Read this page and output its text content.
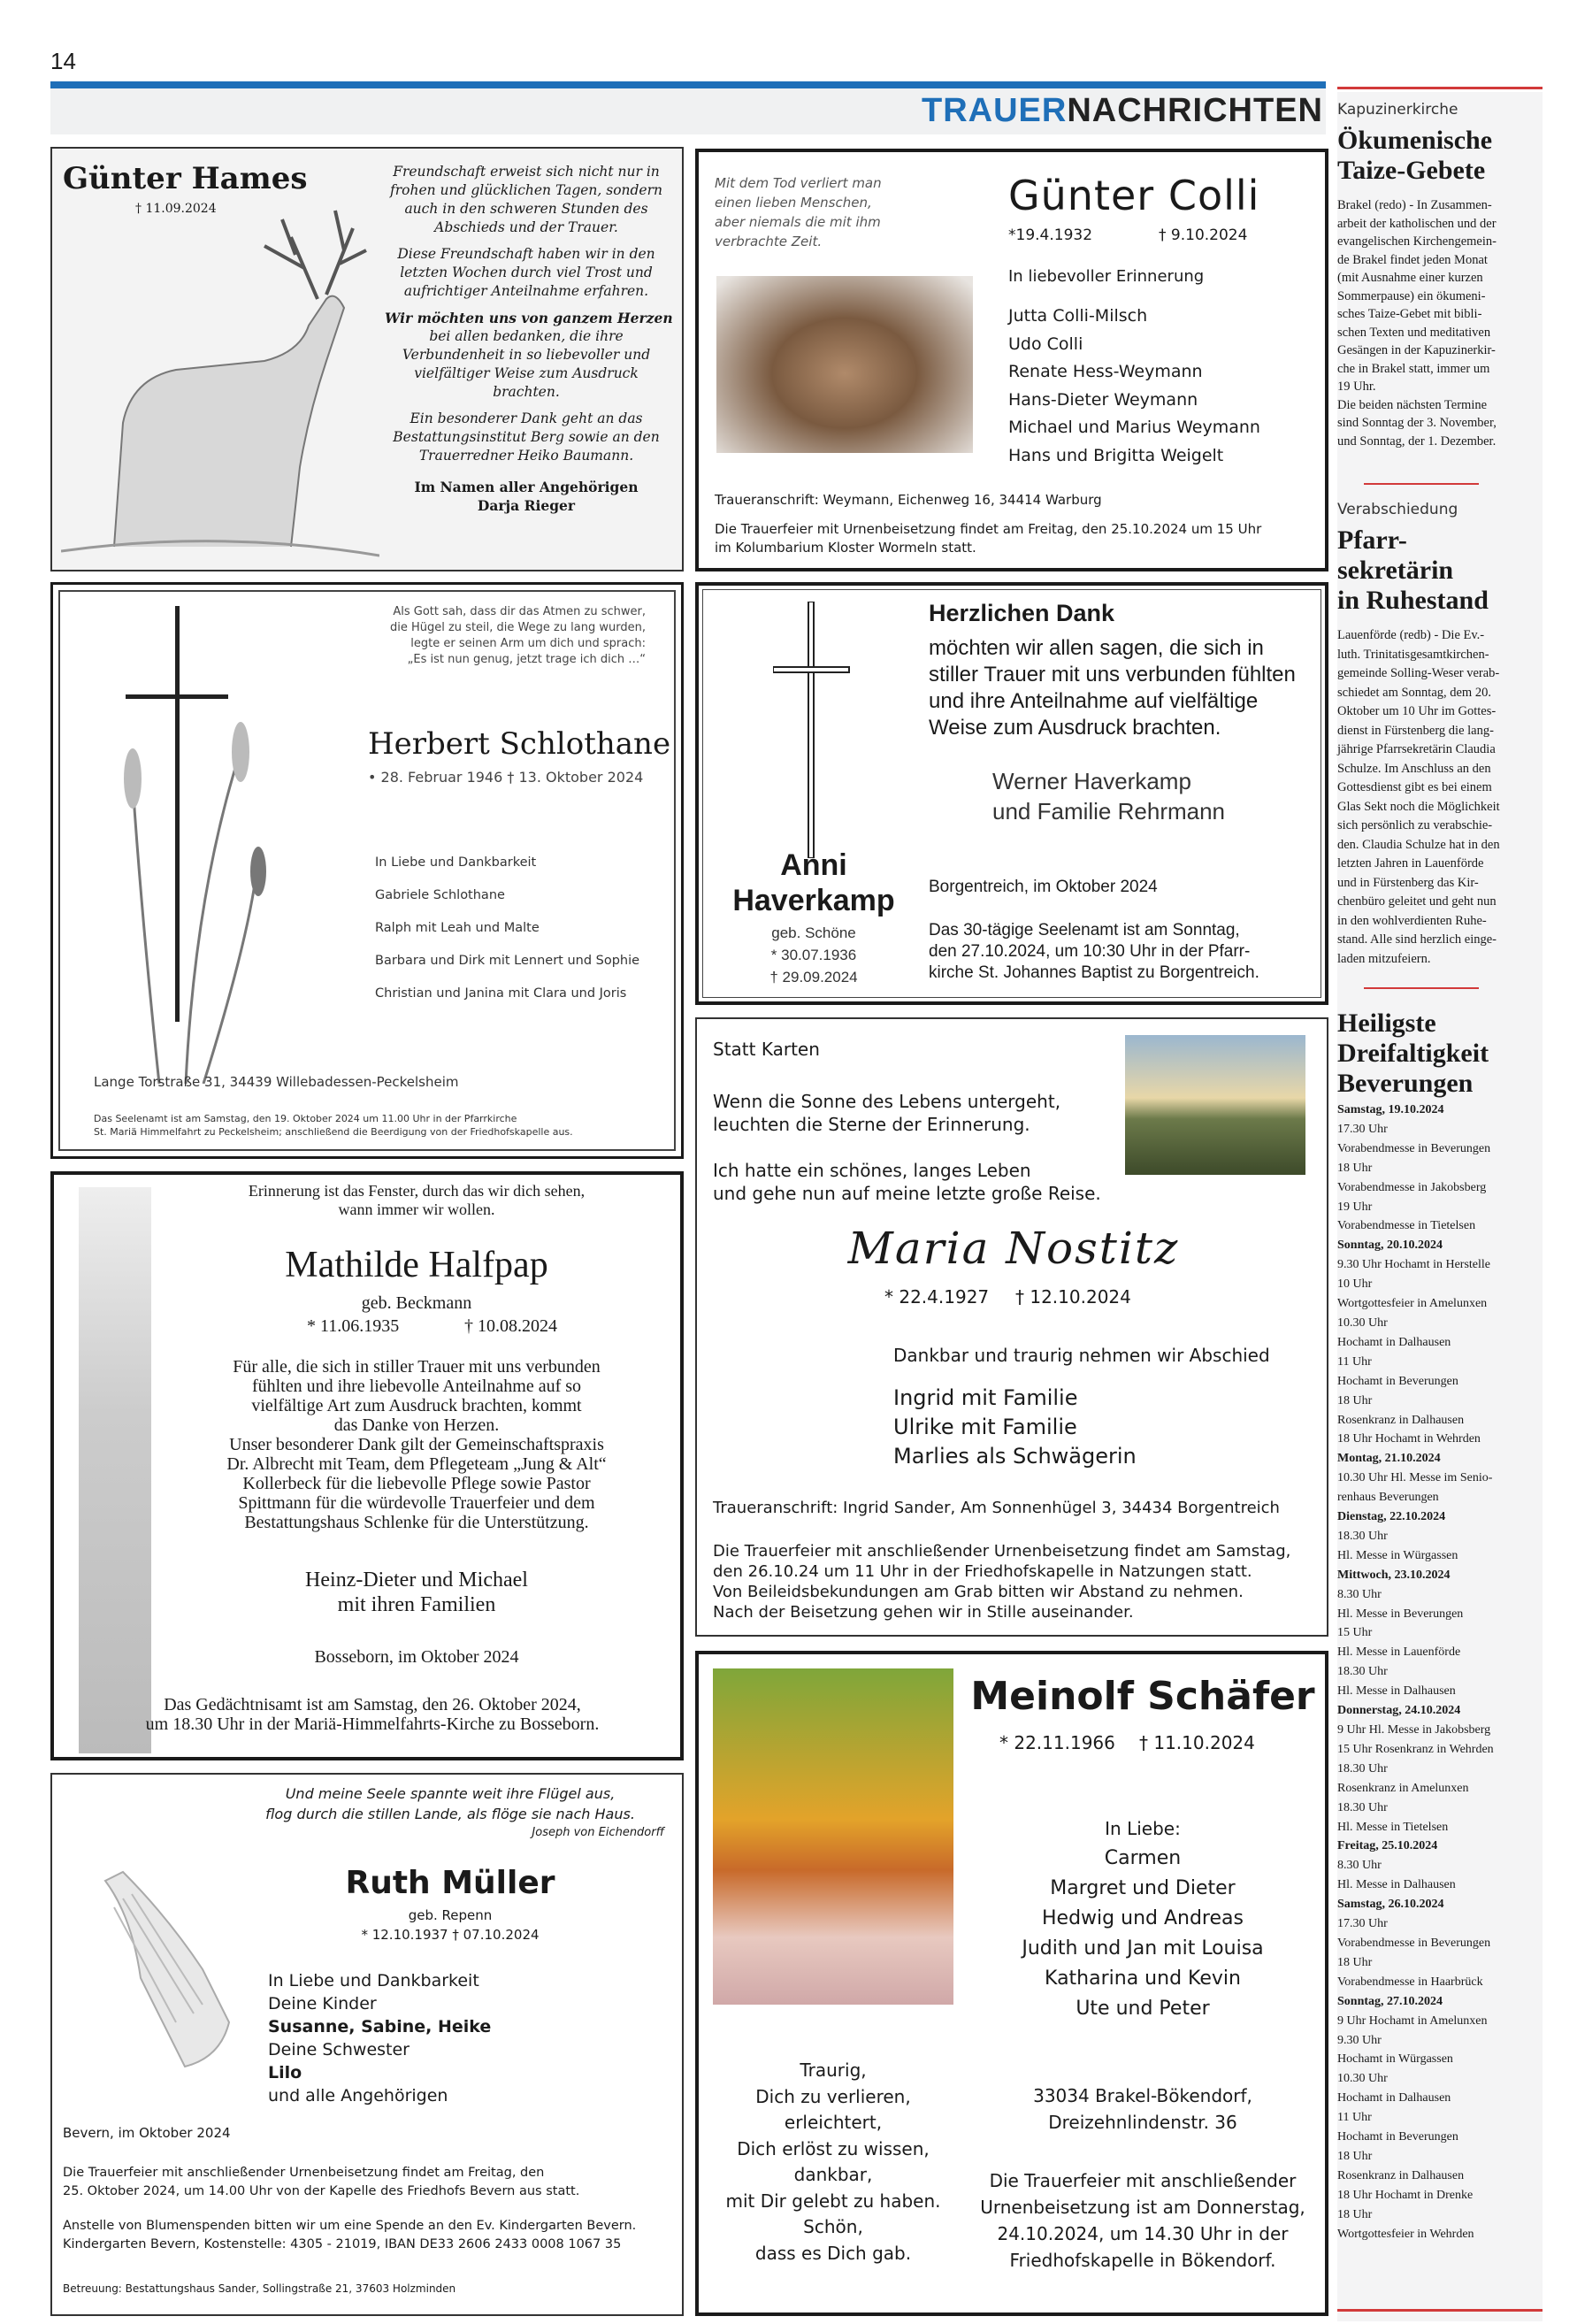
14
TRAUERNACHRICHTEN
Günter Hames
† 11.09.2024
Freundschaft erweist sich nicht nur in
frohen und glücklichen Tagen, sondern
auch in den schweren Stunden des
Abschieds und der Trauer.
Diese Freundschaft haben wir in den
letzten Wochen durch viel Trost und
aufrichtiger Anteilnahme erfahren.
Wir möchten uns von ganzem Herzen
bei allen bedanken, die ihre
Verbundenheit in so liebevoller und
vielfältiger Weise zum Ausdruck
brachten.
Ein besonderer Dank geht an das
Bestattungsinstitut Berg sowie an den
Trauerredner Heiko Baumann.
Im Namen aller Angehörigen
Darja Rieger
Mit dem Tod verliert man
einen lieben Menschen,
aber niemals die mit ihm
verbrachte Zeit.
Günter Colli
*19.4.1932	† 9.10.2024
In liebevoller Erinnerung
Jutta Colli-Milsch
Udo Colli
Renate Hess-Weymann
Hans-Dieter Weymann
Michael und Marius Weymann
Hans und Brigitta Weigelt
Traueranschrift: Weymann, Eichenweg 16, 34414 Warburg
Die Trauerfeier mit Urnenbeisetzung findet am Freitag, den 25.10.2024 um 15 Uhr
im Kolumbarium Kloster Wormeln statt.
Als Gott sah, dass dir das Atmen zu schwer,
die Hügel zu steil, die Wege zu lang wurden,
legte er seinen Arm um dich und sprach:
„Es ist nun genug, jetzt trage ich dich …“
Herbert Schlothane
• 28. Februar 1946 † 13. Oktober 2024
In Liebe und Dankbarkeit
Gabriele Schlothane
Ralph mit Leah und Malte
Barbara und Dirk mit Lennert und Sophie
Christian und Janina mit Clara und Joris
Lange Torstraße 31, 34439 Willebadessen-Peckelsheim
Das Seelenamt ist am Samstag, den 19. Oktober 2024 um 11.00 Uhr in der Pfarrkirche
St. Mariä Himmelfahrt zu Peckelsheim; anschließend die Beerdigung von der Friedhofskapelle aus.
Herzlichen Dank
möchten wir allen sagen, die sich in
stiller Trauer mit uns verbunden fühlten
und ihre Anteilnahme auf vielfältige
Weise zum Ausdruck brachten.
Werner Haverkamp
und Familie Rehrmann
Anni
Haverkamp
geb. Schöne
* 30.07.1936
† 29.09.2024
Borgentreich, im Oktober 2024
Das 30-tägige Seelenamt ist am Sonntag,
den 27.10.2024, um 10:30 Uhr in der Pfarr-
kirche St. Johannes Baptist zu Borgentreich.
Erinnerung ist das Fenster, durch das wir dich sehen,
wann immer wir wollen.
Mathilde Halfpap
geb. Beckmann
* 11.06.1935	† 10.08.2024
Für alle, die sich in stiller Trauer mit uns verbunden
fühlten und ihre liebevolle Anteilnahme auf so
vielfältige Art zum Ausdruck brachten, kommt
das Danke von Herzen.
Unser besonderer Dank gilt der Gemeinschaftspraxis
Dr. Albrecht mit Team, dem Pflegeteam „Jung & Alt“
Kollerbeck für die liebevolle Pflege sowie Pastor
Spittmann für die würdevolle Trauerfeier und dem
Bestattungshaus Schlenke für die Unterstützung.
Heinz-Dieter und Michael
mit ihren Familien
Bosseborn, im Oktober 2024
Das Gedächtnisamt ist am Samstag, den 26. Oktober 2024,
um 18.30 Uhr in der Mariä-Himmelfahrts-Kirche zu Bosseborn.
Statt Karten
Wenn die Sonne des Lebens untergeht,
leuchten die Sterne der Erinnerung.
Ich hatte ein schönes, langes Leben
und gehe nun auf meine letzte große Reise.
Maria Nostitz
* 22.4.1927 † 12.10.2024
Dankbar und traurig nehmen wir Abschied
Ingrid mit Familie
Ulrike mit Familie
Marlies als Schwägerin
Traueranschrift: Ingrid Sander, Am Sonnenhügel 3, 34434 Borgentreich
Die Trauerfeier mit anschließender Urnenbeisetzung findet am Samstag,
den 26.10.24 um 11 Uhr in der Friedhofskapelle in Natzungen statt.
Von Beileidsbekundungen am Grab bitten wir Abstand zu nehmen.
Nach der Beisetzung gehen wir in Stille auseinander.
Und meine Seele spannte weit ihre Flügel aus,
flog durch die stillen Lande, als flöge sie nach Haus.
Joseph von Eichendorff
Ruth Müller
geb. Repenn
* 12.10.1937 † 07.10.2024
In Liebe und Dankbarkeit
Deine Kinder
Susanne, Sabine, Heike
Deine Schwester
Lilo
und alle Angehörigen
Bevern, im Oktober 2024
Die Trauerfeier mit anschließender Urnenbeisetzung findet am Freitag, den
25. Oktober 2024, um 14.00 Uhr von der Kapelle des Friedhofs Bevern aus statt.
Anstelle von Blumenspenden bitten wir um eine Spende an den Ev. Kindergarten Bevern.
Kindergarten Bevern, Kostenstelle: 4305 - 21019, IBAN DE33 2606 2433 0008 1067 35
Betreuung: Bestattungshaus Sander, Sollingstraße 21, 37603 Holzminden
Meinolf Schäfer
* 22.11.1966 † 11.10.2024
In Liebe:
Carmen
Margret und Dieter
Hedwig und Andreas
Judith und Jan mit Louisa
Katharina und Kevin
Ute und Peter
Traurig,
Dich zu verlieren,
erleichtert,
Dich erlöst zu wissen,
dankbar,
mit Dir gelebt zu haben.
Schön,
dass es Dich gab.
33034 Brakel-Bökendorf,
Dreizehnlindenstr. 36
Die Trauerfeier mit anschließender
Urnenbeisetzung ist am Donnerstag,
24.10.2024, um 14.30 Uhr in der
Friedhofskapelle in Bökendorf.
Kapuzinerkirche
Ökumenische
Taize-Gebete
Brakel (redo) - In Zusammen-
arbeit der katholischen und der
evangelischen Kirchengemein-
de Brakel findet jeden Monat
(mit Ausnahme einer kurzen
Sommerpause) ein ökumeni-
sches Taize-Gebet mit bibli-
schen Texten und meditativen
Gesängen in der Kapuzinerkir-
che in Brakel statt, immer um
19 Uhr.
Die beiden nächsten Termine
sind Sonntag der 3. November,
und Sonntag, der 1. Dezember.
Verabschiedung
Pfarr-
sekretärin
in Ruhestand
Lauenförde (redb) - Die Ev.-
luth. Trinitatisgesamtkirchen-
gemeinde Solling-Weser verab-
schiedet am Sonntag, dem 20.
Oktober um 10 Uhr im Gottes-
dienst in Fürstenberg die lang-
jährige Pfarrsekretärin Claudia
Schulze. Im Anschluss an den
Gottesdienst gibt es bei einem
Glas Sekt noch die Möglichkeit
sich persönlich zu verabschie-
den. Claudia Schulze hat in den
letzten Jahren in Lauenförde
und in Fürstenberg das Kir-
chenbüro geleitet und geht nun
in den wohlverdienten Ruhe-
stand. Alle sind herzlich einge-
laden mitzufeiern.
Heiligste
Dreifaltigkeit
Beverungen
Samstag, 19.10.2024
17.30 Uhr
Vorabendmesse in Beverungen
18 Uhr
Vorabendmesse in Jakobsberg
19 Uhr
Vorabendmesse in Tietelsen
Sonntag, 20.10.2024
9.30 Uhr Hochamt in Herstelle
10 Uhr
Wortgottesfeier in Amelunxen
10.30 Uhr
Hochamt in Dalhausen
11 Uhr
Hochamt in Beverungen
18 Uhr
Rosenkranz in Dalhausen
18 Uhr Hochamt in Wehrden
Montag, 21.10.2024
10.30 Uhr Hl. Messe im Senio-
renhaus Beverungen
Dienstag, 22.10.2024
18.30 Uhr
Hl. Messe in Würgassen
Mittwoch, 23.10.2024
8.30 Uhr
Hl. Messe in Beverungen
15 Uhr
Hl. Messe in Lauenförde
18.30 Uhr
Hl. Messe in Dalhausen
Donnerstag, 24.10.2024
9 Uhr Hl. Messe in Jakobsberg
15 Uhr Rosenkranz in Wehrden
18.30 Uhr
Rosenkranz in Amelunxen
18.30 Uhr
Hl. Messe in Tietelsen
Freitag, 25.10.2024
8.30 Uhr
Hl. Messe in Dalhausen
Samstag, 26.10.2024
17.30 Uhr
Vorabendmesse in Beverungen
18 Uhr
Vorabendmesse in Haarbrück
Sonntag, 27.10.2024
9 Uhr Hochamt in Amelunxen
9.30 Uhr
Hochamt in Würgassen
10.30 Uhr
Hochamt in Dalhausen
11 Uhr
Hochamt in Beverungen
18 Uhr
Rosenkranz in Dalhausen
18 Uhr Hochamt in Drenke
18 Uhr
Wortgottesfeier in Wehrden
